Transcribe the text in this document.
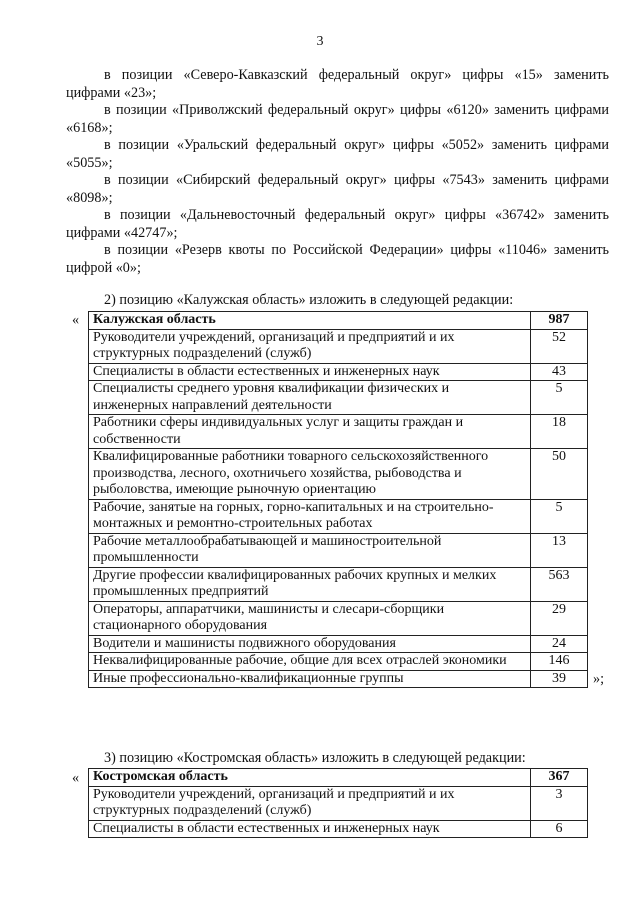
3

в позиции «Северо-Кавказский федеральный округ» цифры «15» заменить цифрами «23»;

в позиции «Приволжский федеральный округ» цифры «6120» заменить цифрами «6168»;

в позиции «Уральский федеральный округ» цифры «5052» заменить цифрами «5055»;

в позиции «Сибирский федеральный округ» цифры «7543» заменить цифрами «8098»;

в позиции «Дальневосточный федеральный округ» цифры «36742» заменить цифрами «42747»;

в позиции «Резерв квоты по Российской Федерации» цифры «11046» заменить цифрой «0»;

2) позицию «Калужская область» изложить в следующей редакции:
« Калужская область	987
Руководители учреждений, организаций и предприятий и их структурных подразделений (служб)	52
Специалисты в области естественных и инженерных наук	43
Специалисты среднего уровня квалификации физических и инженерных направлений деятельности	5
Работники сферы индивидуальных услуг и защиты граждан и собственности	18
Квалифицированные работники товарного сельскохозяйственного производства, лесного, охотничьего хозяйства, рыбоводства и рыболовства, имеющие рыночную ориентацию	50
Рабочие, занятые на горных, горно-капитальных и на строительно-монтажных и ремонтно-строительных работах	5
Рабочие металлообрабатывающей и машиностроительной промышленности	13
Другие профессии квалифицированных рабочих крупных и мелких промышленных предприятий	563
Операторы, аппаратчики, машинисты и слесари-сборщики стационарного оборудования	29
Водители и машинисты подвижного оборудования	24
Неквалифицированные рабочие, общие для всех отраслей экономики	146
Иные профессионально-квалификационные группы	39 »;
3) позицию «Костромская область» изложить в следующей редакции:
« Костромская область	367
Руководители учреждений, организаций и предприятий и их структурных подразделений (служб)	3
Специалисты в области естественных и инженерных наук	6
